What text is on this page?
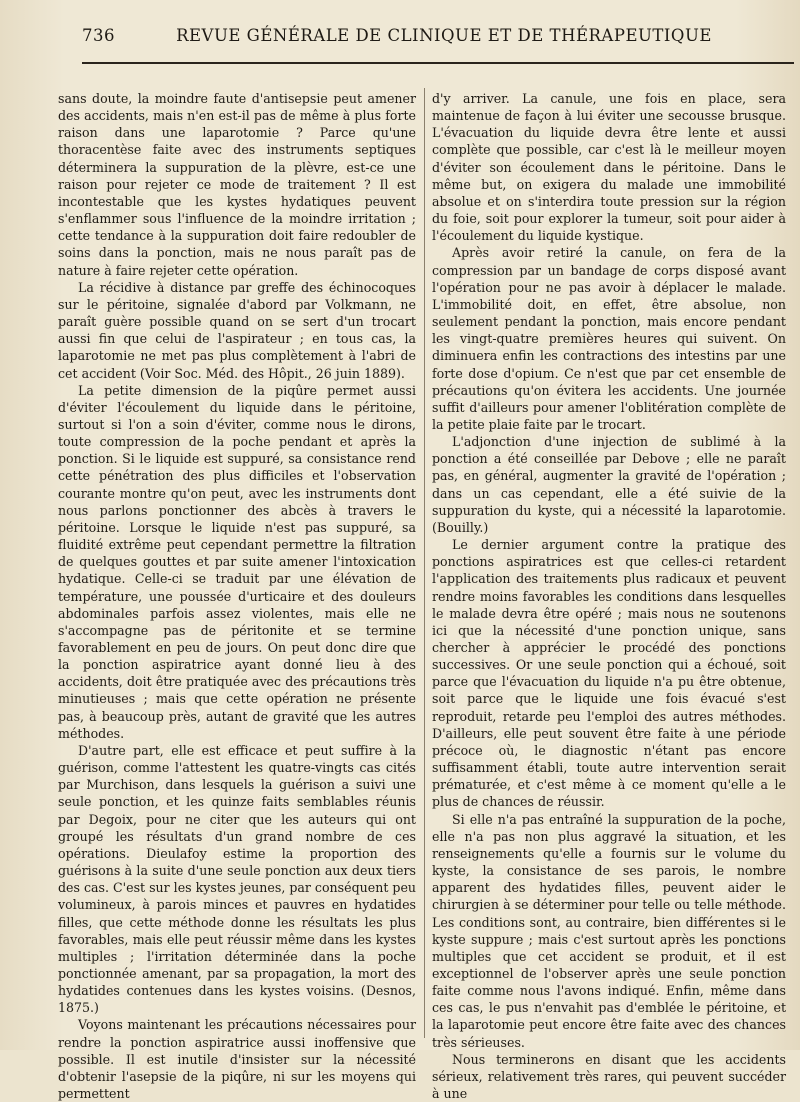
736	REVUE GÉNÉRALE DE CLINIQUE ET DE THÉRAPEUTIQUE

sans doute, la moindre faute d'antisepsie peut amener des accidents, mais n'en est-il pas de même à plus forte raison dans une laparotomie ? Parce qu'une thoracentèse faite avec des instruments septiques déterminera la suppuration de la plèvre, est-ce une raison pour rejeter ce mode de traitement ? Il est incontestable que les kystes hydatiques peuvent s'enflammer sous l'influence de la moindre irritation ; cette tendance à la suppuration doit faire redoubler de soins dans la ponction, mais ne nous paraît pas de nature à faire rejeter cette opération.

La récidive à distance par greffe des échinocoques sur le péritoine, signalée d'abord par Volkmann, ne paraît guère possible quand on se sert d'un trocart aussi fin que celui de l'aspirateur ; en tous cas, la laparotomie ne met pas plus complètement à l'abri de cet accident (Voir Soc. Méd. des Hôpit., 26 juin 1889).

La petite dimension de la piqûre permet aussi d'éviter l'écoulement du liquide dans le péritoine, surtout si l'on a soin d'éviter, comme nous le dirons, toute compression de la poche pendant et après la ponction. Si le liquide est suppuré, sa consistance rend cette pénétration des plus difficiles et l'observation courante montre qu'on peut, avec les instruments dont nous parlons ponctionner des abcès à travers le péritoine. Lorsque le liquide n'est pas suppuré, sa fluidité extrême peut cependant permettre la filtration de quelques gouttes et par suite amener l'intoxication hydatique. Celle-ci se traduit par une élévation de température, une poussée d'urticaire et des douleurs abdominales parfois assez violentes, mais elle ne s'accompagne pas de péritonite et se termine favorablement en peu de jours. On peut donc dire que la ponction aspiratrice ayant donné lieu à des accidents, doit être pratiquée avec des précautions très minutieuses ; mais que cette opération ne présente pas, à beaucoup près, autant de gravité que les autres méthodes.

D'autre part, elle est efficace et peut suffire à la guérison, comme l'attestent les quatre-vingts cas cités par Murchison, dans lesquels la guérison a suivi une seule ponction, et les quinze faits semblables réunis par Degoix, pour ne citer que les auteurs qui ont groupé les résultats d'un grand nombre de ces opérations. Dieulafoy estime la proportion des guérisons à la suite d'une seule ponction aux deux tiers des cas. C'est sur les kystes jeunes, par conséquent peu volumineux, à parois minces et pauvres en hydatides filles, que cette méthode donne les résultats les plus favorables, mais elle peut réussir même dans les kystes multiples ; l'irritation déterminée dans la poche ponctionnée amenant, par sa propagation, la mort des hydatides contenues dans les kystes voisins. (Desnos, 1875.)

Voyons maintenant les précautions nécessaires pour rendre la ponction aspiratrice aussi inoffensive que possible. Il est inutile d'insister sur la nécessité d'obtenir l'asepsie de la piqûre, ni sur les moyens qui permettent

d'y arriver. La canule, une fois en place, sera maintenue de façon à lui éviter une secousse brusque. L'évacuation du liquide devra être lente et aussi complète que possible, car c'est là le meilleur moyen d'éviter son écoulement dans le péritoine. Dans le même but, on exigera du malade une immobilité absolue et on s'interdira toute pression sur la région du foie, soit pour explorer la tumeur, soit pour aider à l'écoulement du liquide kystique.

Après avoir retiré la canule, on fera de la compression par un bandage de corps disposé avant l'opération pour ne pas avoir à déplacer le malade. L'immobilité doit, en effet, être absolue, non seulement pendant la ponction, mais encore pendant les vingt-quatre premières heures qui suivent. On diminuera enfin les contractions des intestins par une forte dose d'opium. Ce n'est que par cet ensemble de précautions qu'on évitera les accidents. Une journée suffit d'ailleurs pour amener l'oblitération complète de la petite plaie faite par le trocart.

L'adjonction d'une injection de sublimé à la ponction a été conseillée par Debove ; elle ne paraît pas, en général, augmenter la gravité de l'opération ; dans un cas cependant, elle a été suivie de la suppuration du kyste, qui a nécessité la laparotomie. (Bouilly.)

Le dernier argument contre la pratique des ponctions aspiratrices est que celles-ci retardent l'application des traitements plus radicaux et peuvent rendre moins favorables les conditions dans lesquelles le malade devra être opéré ; mais nous ne soutenons ici que la nécessité d'une ponction unique, sans chercher à apprécier le procédé des ponctions successives. Or une seule ponction qui a échoué, soit parce que l'évacuation du liquide n'a pu être obtenue, soit parce que le liquide une fois évacué s'est reproduit, retarde peu l'emploi des autres méthodes. D'ailleurs, elle peut souvent être faite à une période précoce où, le diagnostic n'étant pas encore suffisamment établi, toute autre intervention serait prématurée, et c'est même à ce moment qu'elle a le plus de chances de réussir.

Si elle n'a pas entraîné la suppuration de la poche, elle n'a pas non plus aggravé la situation, et les renseignements qu'elle a fournis sur le volume du kyste, la consistance de ses parois, le nombre apparent des hydatides filles, peuvent aider le chirurgien à se déterminer pour telle ou telle méthode. Les conditions sont, au contraire, bien différentes si le kyste suppure ; mais c'est surtout après les ponctions multiples que cet accident se produit, et il est exceptionnel de l'observer après une seule ponction faite comme nous l'avons indiqué. Enfin, même dans ces cas, le pus n'envahit pas d'emblée le péritoine, et la laparotomie peut encore être faite avec des chances très sérieuses.

Nous terminerons en disant que les accidents sérieux, relativement très rares, qui peuvent succéder à une
